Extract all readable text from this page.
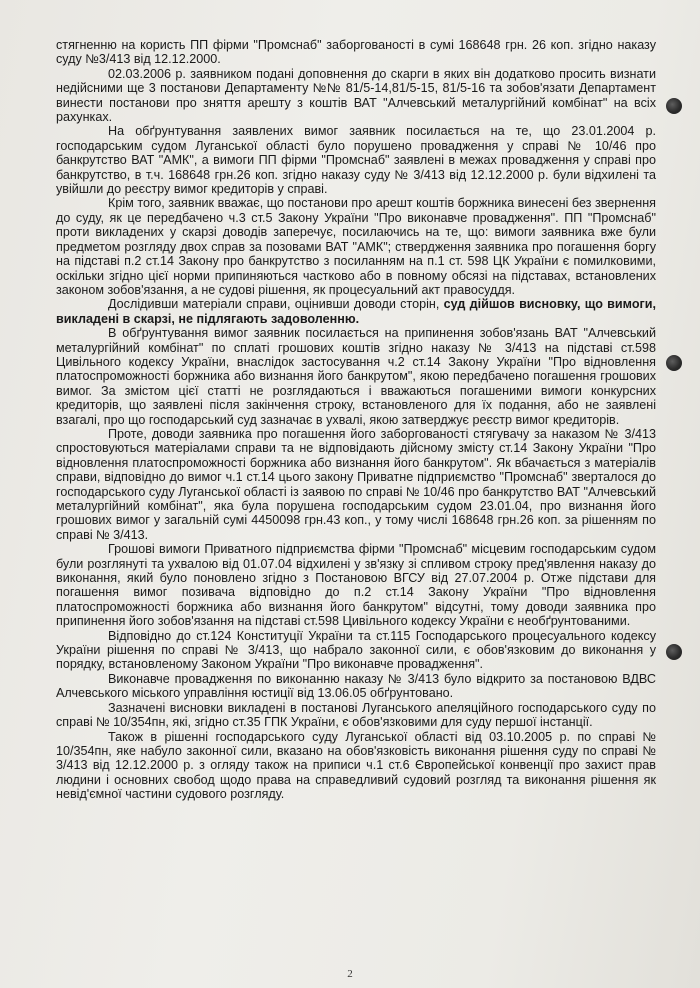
стягненню на користь ПП фірми "Промснаб" заборгованості в сумі 168648 грн. 26 коп. згідно наказу суду №3/413 від 12.12.2000.

02.03.2006 р. заявником подані доповнення до скарги в яких він додатково просить визнати недійсними ще 3 постанови Департаменту №№ 81/5-14,81/5-15, 81/5-16 та зобов'язати Департамент винести постанови про зняття арешту з коштів ВАТ "Алчевський металургійний комбінат" на всіх рахунках.

На обґрунтування заявлених вимог заявник посилається на те, що 23.01.2004 р. господарським судом Луганської області було порушено провадження у справі № 10/46 про банкрутство ВАТ "АМК", а вимоги ПП фірми "Промснаб" заявлені в межах провадження у справі про банкрутство, в т.ч. 168648 грн.26 коп. згідно наказу суду № 3/413 від 12.12.2000 р. були відхилені та увійшли до реєстру вимог кредиторів у справі.

Крім того, заявник вважає, що постанови про арешт коштів боржника винесені без звернення до суду, як це передбачено ч.3 ст.5 Закону України "Про виконавче провадження". ПП "Промснаб" проти викладених у скарзі доводів заперечує, посилаючись на те, що: вимоги заявника вже були предметом розгляду двох справ за позовами ВАТ "АМК"; ствердження заявника про погашення боргу на підставі п.2 ст.14 Закону про банкрутство з посиланням на п.1 ст. 598 ЦК України є помилковими, оскільки згідно цієї норми припиняються частково або в повному обсязі на підставах, встановлених законом зобов'язання, а не судові рішення, як процесуальний акт правосуддя.

Дослідивши матеріали справи, оцінивши доводи сторін, суд дійшов висновку, що вимоги, викладені в скарзі, не підлягають задоволенню.

В обґрунтування вимог заявник посилається на припинення зобов'язань ВАТ "Алчевський металургійний комбінат" по сплаті грошових коштів згідно наказу № 3/413 на підставі ст.598 Цивільного кодексу України, внаслідок застосування ч.2 ст.14 Закону України "Про відновлення платоспроможності боржника або визнання його банкрутом", якою передбачено погашення грошових вимог. За змістом цієї статті не розглядаються і вважаються погашеними вимоги конкурсних кредиторів, що заявлені після закінчення строку, встановленого для їх подання, або не заявлені взагалі, про що господарський суд зазначає в ухвалі, якою затверджує реєстр вимог кредиторів.

Проте, доводи заявника про погашення його заборгованості стягувачу за наказом № 3/413 спростовуються матеріалами справи та не відповідають дійсному змісту ст.14 Закону України "Про відновлення платоспроможності боржника або визнання його банкрутом". Як вбачається з матеріалів справи, відповідно до вимог ч.1 ст.14 цього закону Приватне підприємство "Промснаб" зверталося до господарського суду Луганської області із заявою по справі № 10/46 про банкрутство ВАТ "Алчевський металургійний комбінат", яка була порушена господарським судом 23.01.04, про визнання його грошових вимог у загальній сумі 4450098 грн.43 коп., у тому числі 168648 грн.26 коп. за рішенням по справі № 3/413.

Грошові вимоги Приватного підприємства фірми "Промснаб" місцевим господарським судом були розглянуті та ухвалою від 01.07.04 відхилені у зв'язку зі спливом строку пред'явлення наказу до виконання, який було поновлено згідно з Постановою ВГСУ від 27.07.2004 р. Отже підстави для погашення вимог позивача відповідно до п.2 ст.14 Закону України "Про відновлення платоспроможності боржника або визнання його банкрутом" відсутні, тому доводи заявника про припинення його зобов'язання на підставі ст.598 Цивільного кодексу України є необґрунтованими.

Відповідно до ст.124 Конституції України та ст.115 Господарського процесуального кодексу України рішення по справі № 3/413, що набрало законної сили, є обов'язковим до виконання у порядку, встановленому Законом України "Про виконавче провадження".

Виконавче провадження по виконанню наказу № 3/413 було відкрито за постановою ВДВС Алчевського міського управління юстиції від 13.06.05 обґрунтовано.

Зазначені висновки викладені в постанові Луганського апеляційного господарського суду по справі № 10/354пн, які, згідно ст.35 ГПК України, є обов'язковими для суду першої інстанції.

Також в рішенні господарського суду Луганської області від 03.10.2005 р. по справі № 10/354пн, яке набуло законної сили, вказано на обов'язковість виконання рішення суду по справі № 3/413 від 12.12.2000 р. з огляду також на приписи ч.1 ст.6 Європейської конвенції про захист прав людини і основних свобод щодо права на справедливий судовий розгляд та виконання рішення як невід'ємної частини судового розгляду.

2
